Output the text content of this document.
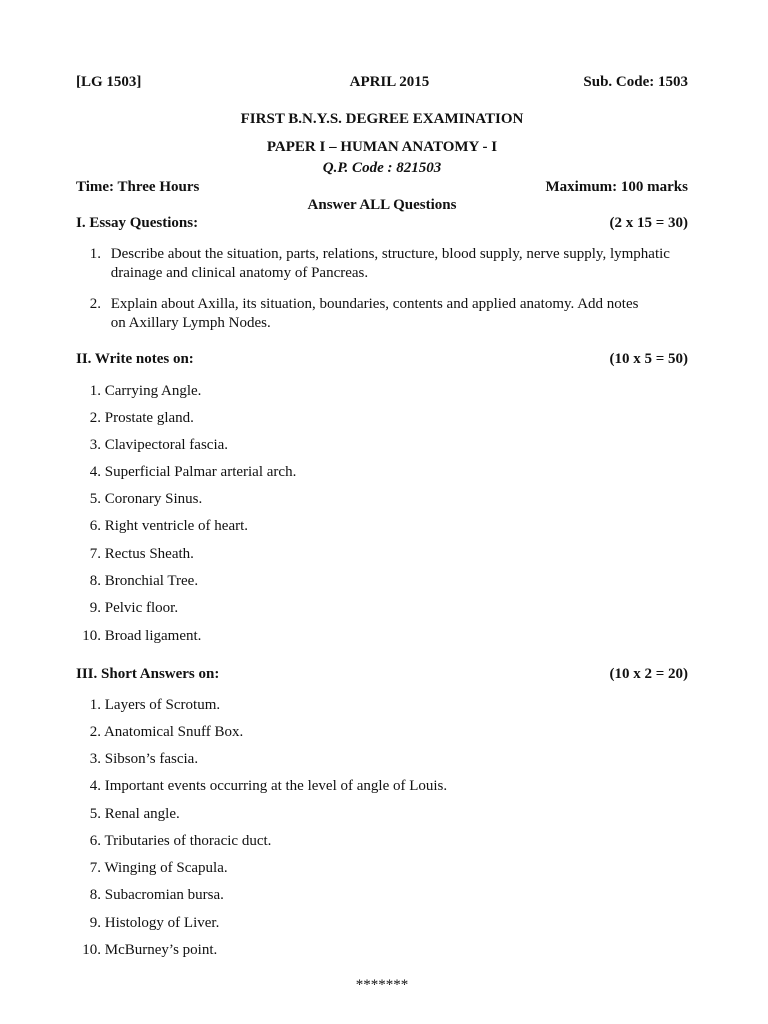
[LG 1503]	APRIL 2015	Sub. Code: 1503
FIRST B.N.Y.S. DEGREE EXAMINATION
PAPER I – HUMAN ANATOMY - I
Q.P. Code : 821503
Time: Three Hours	Maximum: 100 marks
Answer ALL Questions
I. Essay Questions:	(2 x 15 = 30)
1. Describe about the situation, parts, relations, structure, blood supply, nerve supply, lymphatic drainage and clinical anatomy of Pancreas.
2. Explain about Axilla, its situation, boundaries, contents and applied anatomy. Add notes on Axillary Lymph Nodes.
II. Write notes on:	(10 x 5 = 50)
1. Carrying Angle.
2. Prostate gland.
3. Clavipectoral fascia.
4. Superficial Palmar arterial arch.
5. Coronary Sinus.
6. Right ventricle of heart.
7. Rectus Sheath.
8. Bronchial Tree.
9. Pelvic floor.
10. Broad ligament.
III. Short Answers on:	(10 x 2 = 20)
1. Layers of Scrotum.
2. Anatomical Snuff Box.
3. Sibson’s fascia.
4. Important events occurring at the level of angle of Louis.
5. Renal angle.
6. Tributaries of thoracic duct.
7. Winging of Scapula.
8. Subacromian bursa.
9. Histology of Liver.
10. McBurney’s point.
*******
